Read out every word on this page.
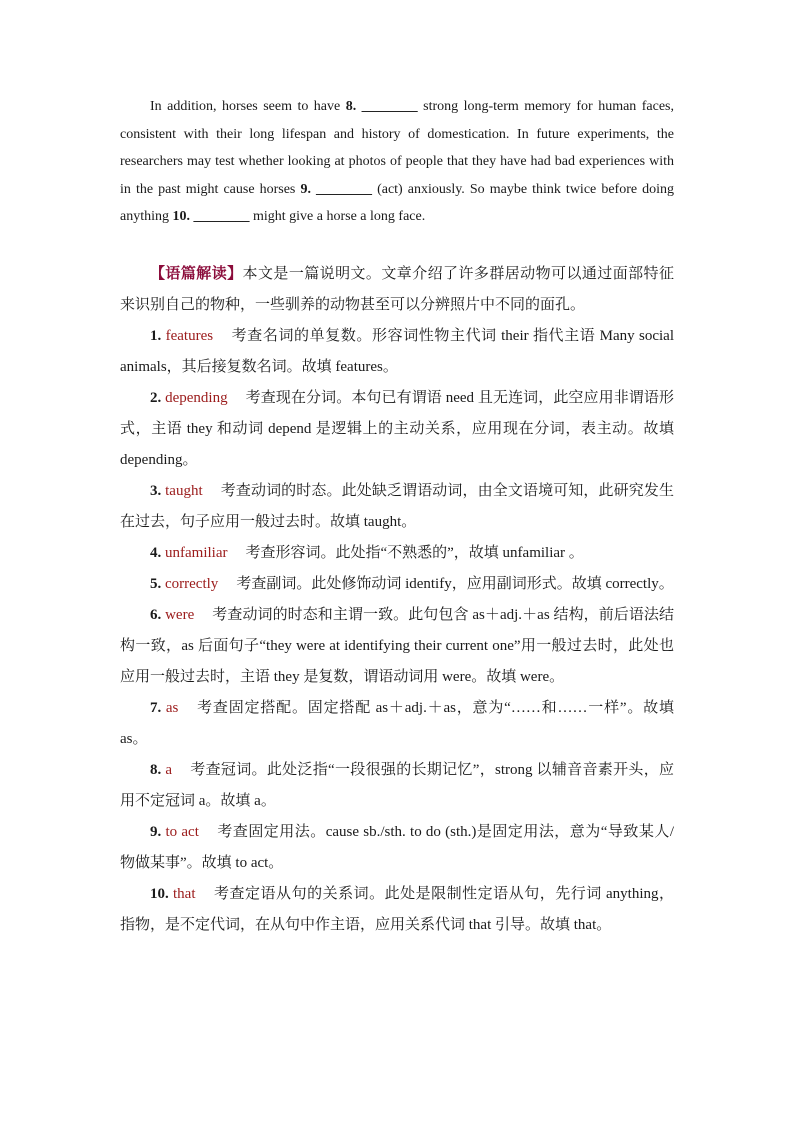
In addition, horses seem to have 8. ________ strong long-term memory for human faces, consistent with their long lifespan and history of domestication. In future experiments, the researchers may test whether looking at photos of people that they have had bad experiences with in the past might cause horses 9. ________ (act) anxiously. So maybe think twice before doing anything 10. ________ might give a horse a long face.

【语篇解读】本文是一篇说明文。文章介绍了许多群居动物可以通过面部特征来识别自己的物种，一些驯养的动物甚至可以分辨照片中不同的面孔。

1. features 考查名词的单复数。形容词性物主代词 their 指代主语 Many social animals，其后接复数名词。故填 features。

2. depending 考查现在分词。本句已有谓语 need 且无连词，此空应用非谓语形式，主语 they 和动词 depend 是逻辑上的主动关系，应用现在分词，表主动。故填 depending。

3. taught 考查动词的时态。此处缺乏谓语动词，由全文语境可知，此研究发生在过去，句子应用一般过去时。故填 taught。

4. unfamiliar 考查形容词。此处指“不熟悉的”，故填 unfamiliar 。

5. correctly 考查副词。此处修饰动词 identify，应用副词形式。故填 correctly。

6. were 考查动词的时态和主谓一致。此句包含 as＋adj.＋as 结构，前后语法结构一致，as 后面句子“they were at identifying their current one”用一般过去时，此处也应用一般过去时，主语 they 是复数，谓语动词用 were。故填 were。

7. as 考查固定搭配。固定搭配 as＋adj.＋as，意为“……和……一样”。故填 as。

8. a 考查冠词。此处泛指“一段很强的长期记忆”，strong 以辅音音素开头，应用不定冠词 a。故填 a。

9. to act 考查固定用法。cause sb./sth. to do (sth.)是固定用法，意为“导致某人/物做某事”。故填 to act。

10. that 考查定语从句的关系词。此处是限制性定语从句，先行词 anything，指物，是不定代词，在从句中作主语，应用关系代词 that 引导。故填 that。
